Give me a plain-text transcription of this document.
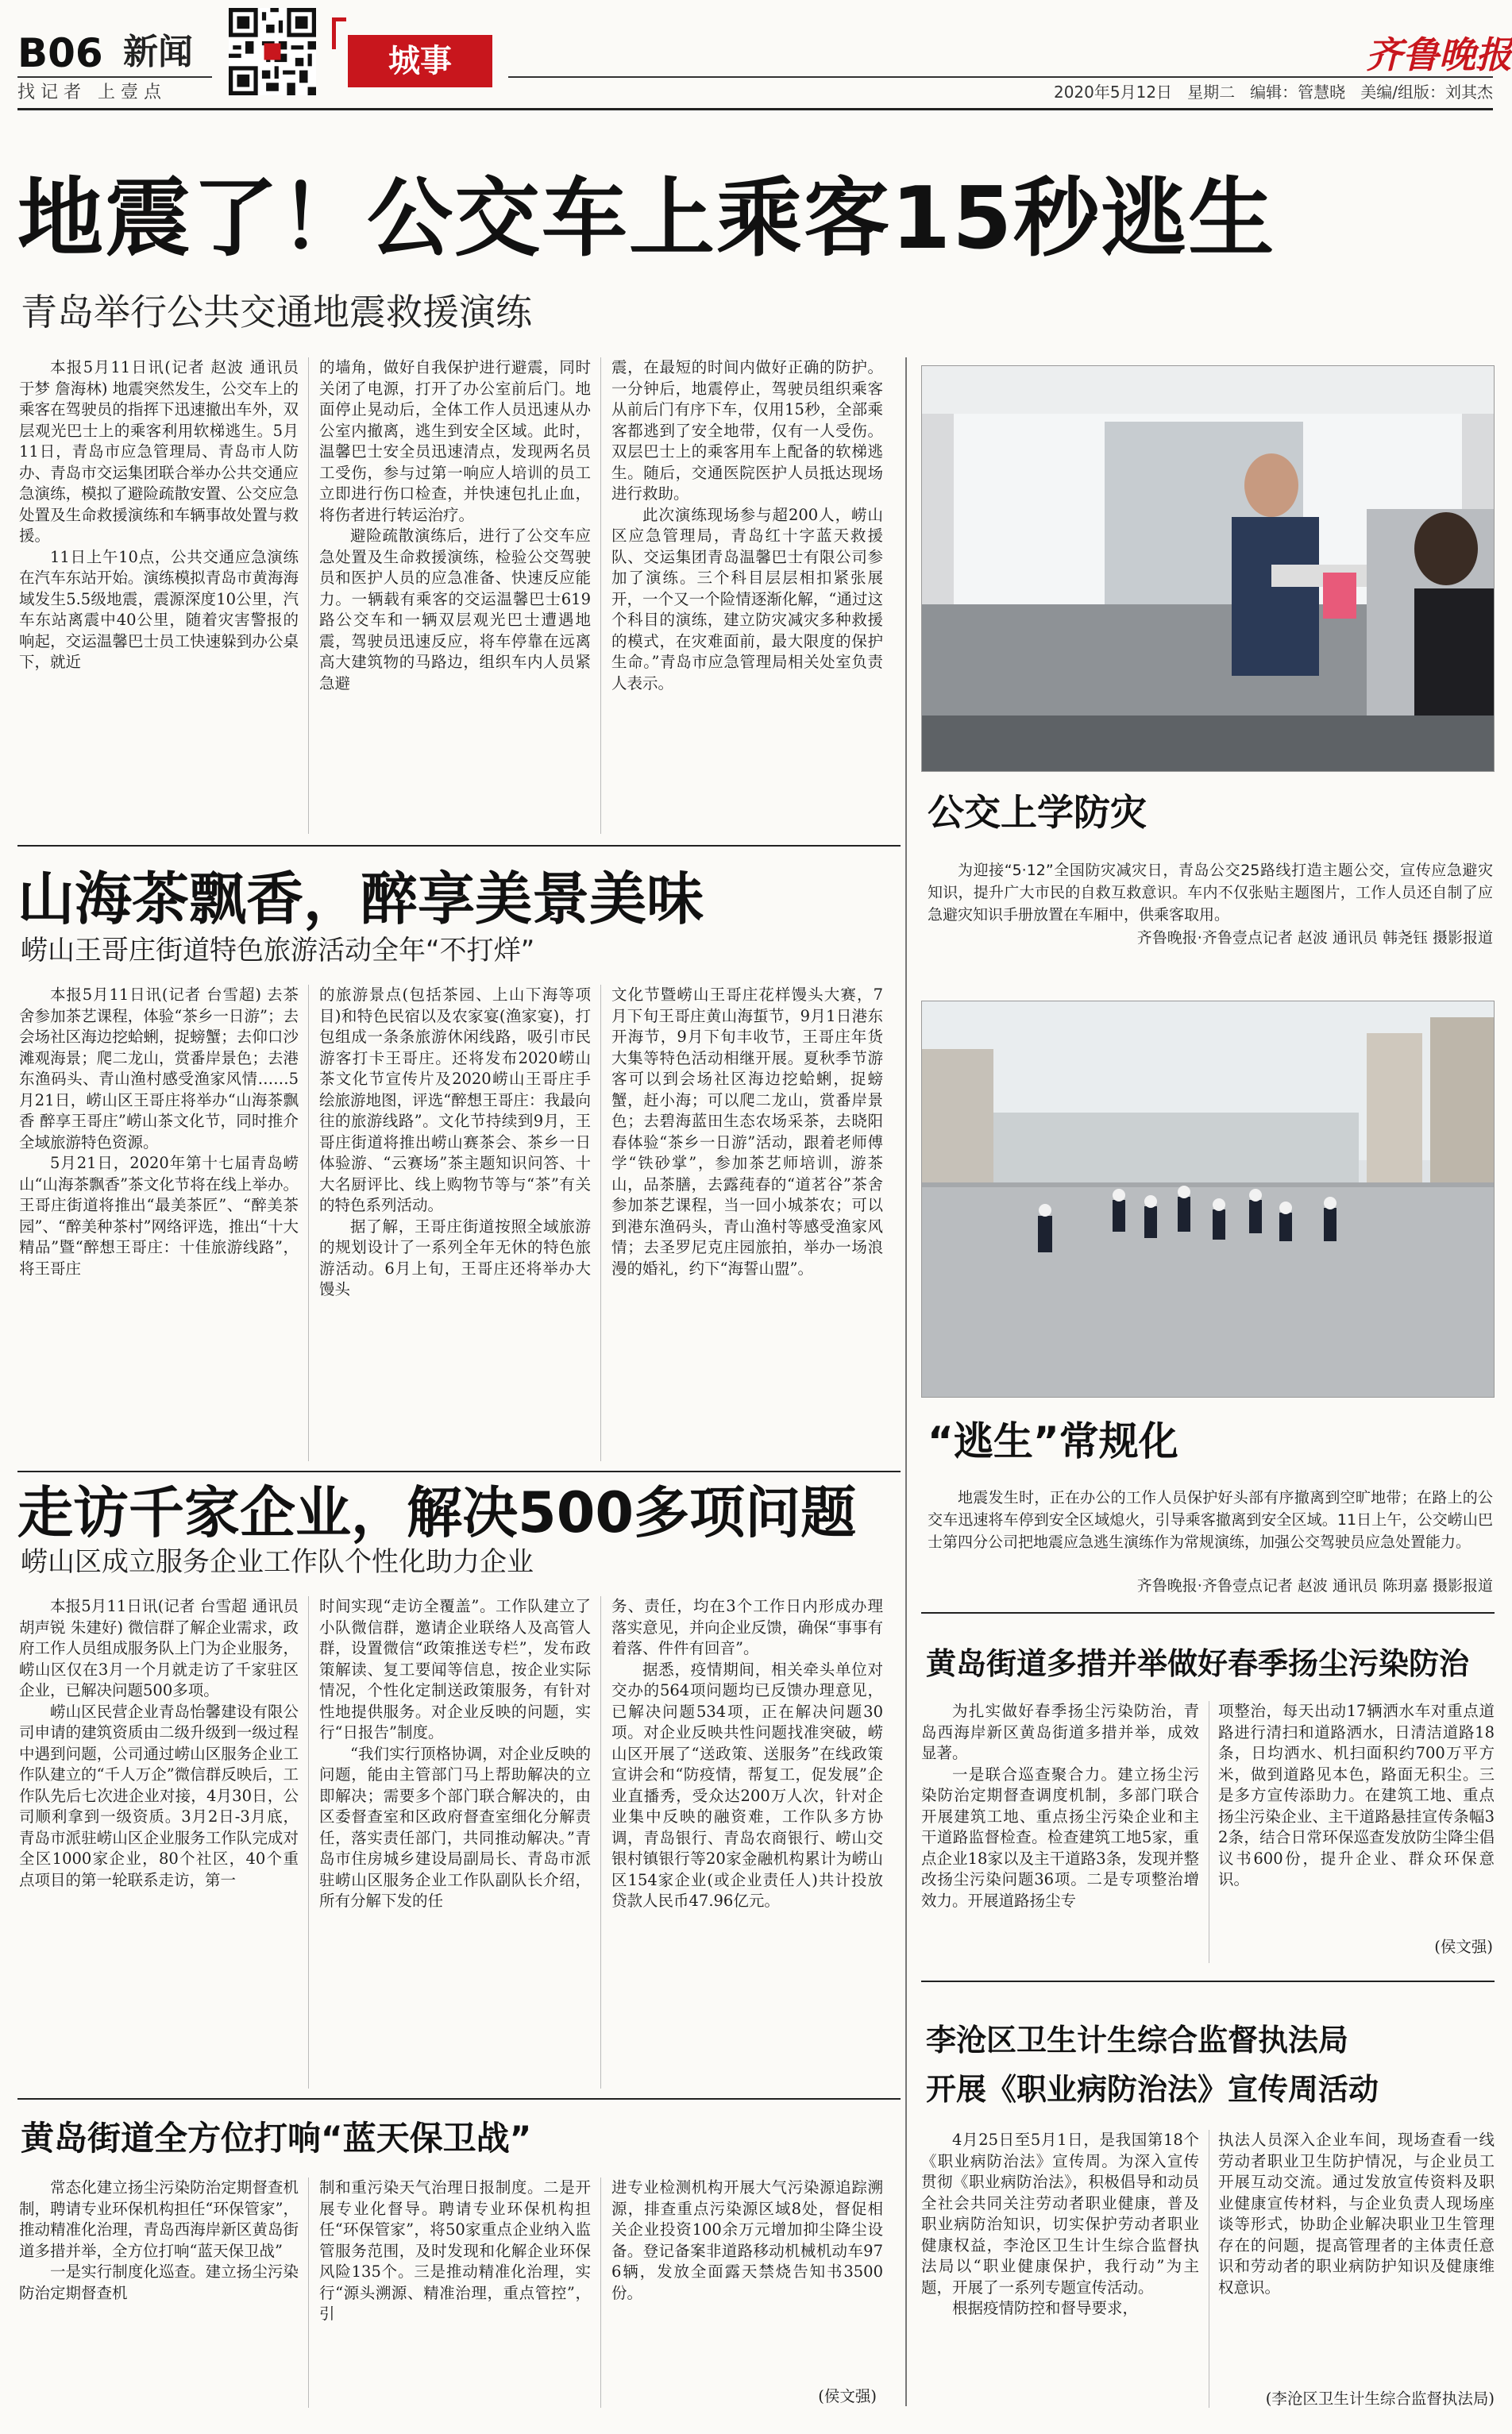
B06 新闻
找 记 者   上 壹 点
城事	齐鲁晚报
2020年5月12日   星期二   编辑：管慧晓   美编/组版：刘其杰
地震了！公交车上乘客15秒逃生
青岛举行公共交通地震救援演练

本报5月11日讯(记者 赵波 通讯员 于梦 詹海林) 地震突然发生，公交车上的乘客在驾驶员的指挥下迅速撤出车外，双层观光巴士上的乘客利用软梯逃生。5月11日，青岛市应急管理局、青岛市人防办、青岛市交运集团联合举办公共交通应急演练，模拟了避险疏散安置、公交应急处置及生命救援演练和车辆事故处置与救援。

11日上午10点，公共交通应急演练在汽车东站开始。演练模拟青岛市黄海海域发生5.5级地震，震源深度10公里，汽车东站离震中40公里，随着灾害警报的响起，交运温馨巴士员工快速躲到办公桌下，就近

的墙角，做好自我保护进行避震，同时关闭了电源，打开了办公室前后门。地面停止晃动后，全体工作人员迅速从办公室内撤离，逃生到安全区域。此时，温馨巴士安全员迅速清点，发现两名员工受伤，参与过第一响应人培训的员工立即进行伤口检查，并快速包扎止血，将伤者进行转运治疗。

避险疏散演练后，进行了公交车应急处置及生命救援演练，检验公交驾驶员和医护人员的应急准备、快速反应能力。一辆载有乘客的交运温馨巴士619路公交车和一辆双层观光巴士遭遇地震，驾驶员迅速反应，将车停靠在远离高大建筑物的马路边，组织车内人员紧急避

震，在最短的时间内做好正确的防护。一分钟后，地震停止，驾驶员组织乘客从前后门有序下车，仅用15秒，全部乘客都逃到了安全地带，仅有一人受伤。双层巴士上的乘客用车上配备的软梯逃生。随后，交通医院医护人员抵达现场进行救助。

此次演练现场参与超200人，崂山区应急管理局，青岛红十字蓝天救援队、交运集团青岛温馨巴士有限公司参加了演练。三个科目层层相扣紧张展开，一个又一个险情逐渐化解，“通过这个科目的演练，建立防灾减灾多种救援的模式，在灾难面前，最大限度的保护生命。”青岛市应急管理局相关处室负责人表示。

公交上学防灾
为迎接“5·12”全国防灾减灾日，青岛公交25路线打造主题公交，宣传应急避灾知识，提升广大市民的自救互救意识。车内不仅张贴主题图片，工作人员还自制了应急避灾知识手册放置在车厢中，供乘客取用。
齐鲁晚报·齐鲁壹点记者 赵波 通讯员 韩尧钰 摄影报道
山海茶飘香，醉享美景美味
崂山王哥庄街道特色旅游活动全年“不打烊”

本报5月11日讯(记者 台雪超) 去茶舍参加茶艺课程，体验“茶乡一日游”；去会场社区海边挖蛤蜊，捉螃蟹；去仰口沙滩观海景；爬二龙山，赏番岸景色；去港东渔码头、青山渔村感受渔家风情……5月21日，崂山区王哥庄将举办“山海茶飘香 醉享王哥庄”崂山茶文化节，同时推介全域旅游特色资源。

5月21日，2020年第十七届青岛崂山“山海茶飘香”茶文化节将在线上举办。王哥庄街道将推出“最美茶匠”、“醉美茶园”、“醉美种茶村”网络评选，推出“十大精品”暨“醉想王哥庄：十佳旅游线路”，将王哥庄

的旅游景点(包括茶园、上山下海等项目)和特色民宿以及农家宴(渔家宴)，打包组成一条条旅游休闲线路，吸引市民游客打卡王哥庄。还将发布2020崂山茶文化节宣传片及2020崂山王哥庄手绘旅游地图，评选“醉想王哥庄：我最向往的旅游线路”。文化节持续到9月，王哥庄街道将推出崂山赛茶会、茶乡一日体验游、“云赛场”茶主题知识问答、十大名厨评比、线上购物节等与“茶”有关的特色系列活动。

据了解，王哥庄街道按照全域旅游的规划设计了一系列全年无休的特色旅游活动。6月上旬，王哥庄还将举办大馒头

文化节暨崂山王哥庄花样馒头大赛，7月下旬王哥庄黄山海蜇节，9月1日港东开海节，9月下旬丰收节，王哥庄年货大集等特色活动相继开展。夏秋季节游客可以到会场社区海边挖蛤蜊，捉螃蟹，赶小海；可以爬二龙山，赏番岸景色；去碧海蓝田生态农场采茶，去晓阳春体验“茶乡一日游”活动，跟着老师傅学“铁砂掌”，参加茶艺师培训，游茶山，品茶膳，去露莼春的“道茗谷”茶舍参加茶艺课程，当一回小城茶农；可以到港东渔码头，青山渔村等感受渔家风情；去圣罗尼克庄园旅拍，举办一场浪漫的婚礼，约下“海誓山盟”。

“逃生”常规化
地震发生时，正在办公的工作人员保护好头部有序撤离到空旷地带；在路上的公交车迅速将车停到安全区域熄火，引导乘客撤离到安全区域。11日上午，公交崂山巴士第四分公司把地震应急逃生演练作为常规演练，加强公交驾驶员应急处置能力。
齐鲁晚报·齐鲁壹点记者 赵波 通讯员 陈玥嘉 摄影报道
走访千家企业，解决500多项问题
崂山区成立服务企业工作队个性化助力企业

本报5月11日讯(记者 台雪超 通讯员 胡声锐 朱建好) 微信群了解企业需求，政府工作人员组成服务队上门为企业服务，崂山区仅在3月一个月就走访了千家驻区企业，已解决问题500多项。

崂山区民营企业青岛怡馨建设有限公司申请的建筑资质由二级升级到一级过程中遇到问题，公司通过崂山区服务企业工作队建立的“千人万企”微信群反映后，工作队先后七次进企业对接，4月30日，公司顺利拿到一级资质。3月2日-3月底，青岛市派驻崂山区企业服务工作队完成对全区1000家企业，80个社区，40个重点项目的第一轮联系走访，第一

时间实现“走访全覆盖”。工作队建立了小队微信群，邀请企业联络人及高管人群，设置微信“政策推送专栏”，发布政策解读、复工要闻等信息，按企业实际情况，个性化定制送政策服务，有针对性地提供服务。对企业反映的问题，实行“日报告”制度。

“我们实行顶格协调，对企业反映的问题，能由主管部门马上帮助解决的立即解决；需要多个部门联合解决的，由区委督查室和区政府督查室细化分解责任，落实责任部门，共同推动解决。”青岛市住房城乡建设局副局长、青岛市派驻崂山区服务企业工作队副队长介绍，所有分解下发的任

务、责任，均在3个工作日内形成办理落实意见，并向企业反馈，确保“事事有着落、件件有回音”。

据悉，疫情期间，相关牵头单位对交办的564项问题均已反馈办理意见，已解决问题534项，正在解决问题30项。对企业反映共性问题找准突破，崂山区开展了“送政策、送服务”在线政策宣讲会和“防疫情，帮复工，促发展”企业直播秀，受众达200万人次，针对企业集中反映的融资难，工作队多方协调，青岛银行、青岛农商银行、崂山交银村镇银行等20家金融机构累计为崂山区154家企业(或企业责任人)共计投放贷款人民币47.96亿元。

黄岛街道全方位打响“蓝天保卫战”

常态化建立扬尘污染防治定期督查机制，聘请专业环保机构担任“环保管家”，推动精准化治理，青岛西海岸新区黄岛街道多措并举，全方位打响“蓝天保卫战”

一是实行制度化巡查。建立扬尘污染防治定期督查机

制和重污染天气治理日报制度。二是开展专业化督导。聘请专业环保机构担任“环保管家”，将50家重点企业纳入监管服务范围，及时发现和化解企业环保风险135个。三是推动精准化治理，实行“源头溯源、精准治理，重点管控”，引

进专业检测机构开展大气污染源追踪溯源，排查重点污染源区域8处，督促相关企业投资100余万元增加抑尘降尘设备。登记备案非道路移动机械机动车976辆，发放全面露天禁烧告知书3500份。

(侯文强)
黄岛街道多措并举做好春季扬尘污染防治

为扎实做好春季扬尘污染防治，青岛西海岸新区黄岛街道多措并举，成效显著。

一是联合巡查聚合力。建立扬尘污染防治定期督查调度机制，多部门联合开展建筑工地、重点扬尘污染企业和主干道路监督检查。检查建筑工地5家，重点企业18家以及主干道路3条，发现并整改扬尘污染问题36项。二是专项整治增效力。开展道路扬尘专

项整治，每天出动17辆洒水车对重点道路进行清扫和道路洒水，日清洁道路18条，日均洒水、机扫面积约700万平方米，做到道路见本色，路面无积尘。三是多方宣传添助力。在建筑工地、重点扬尘污染企业、主干道路悬挂宣传条幅32条，结合日常环保巡查发放防尘降尘倡议书600份，提升企业、群众环保意识。

(侯文强)
李沧区卫生计生综合监督执法局
开展《职业病防治法》宣传周活动

4月25日至5月1日，是我国第18个《职业病防治法》宣传周。为深入宣传贯彻《职业病防治法》，积极倡导和动员全社会共同关注劳动者职业健康，普及职业病防治知识，切实保护劳动者职业健康权益，李沧区卫生计生综合监督执法局以“职业健康保护，我行动”为主题，开展了一系列专题宣传活动。

根据疫情防控和督导要求，

执法人员深入企业车间，现场查看一线劳动者职业卫生防护情况，与企业员工开展互动交流。通过发放宣传资料及职业健康宣传材料，与企业负责人现场座谈等形式，协助企业解决职业卫生管理存在的问题，提高管理者的主体责任意识和劳动者的职业病防护知识及健康维权意识。

(李沧区卫生计生综合监督执法局)
